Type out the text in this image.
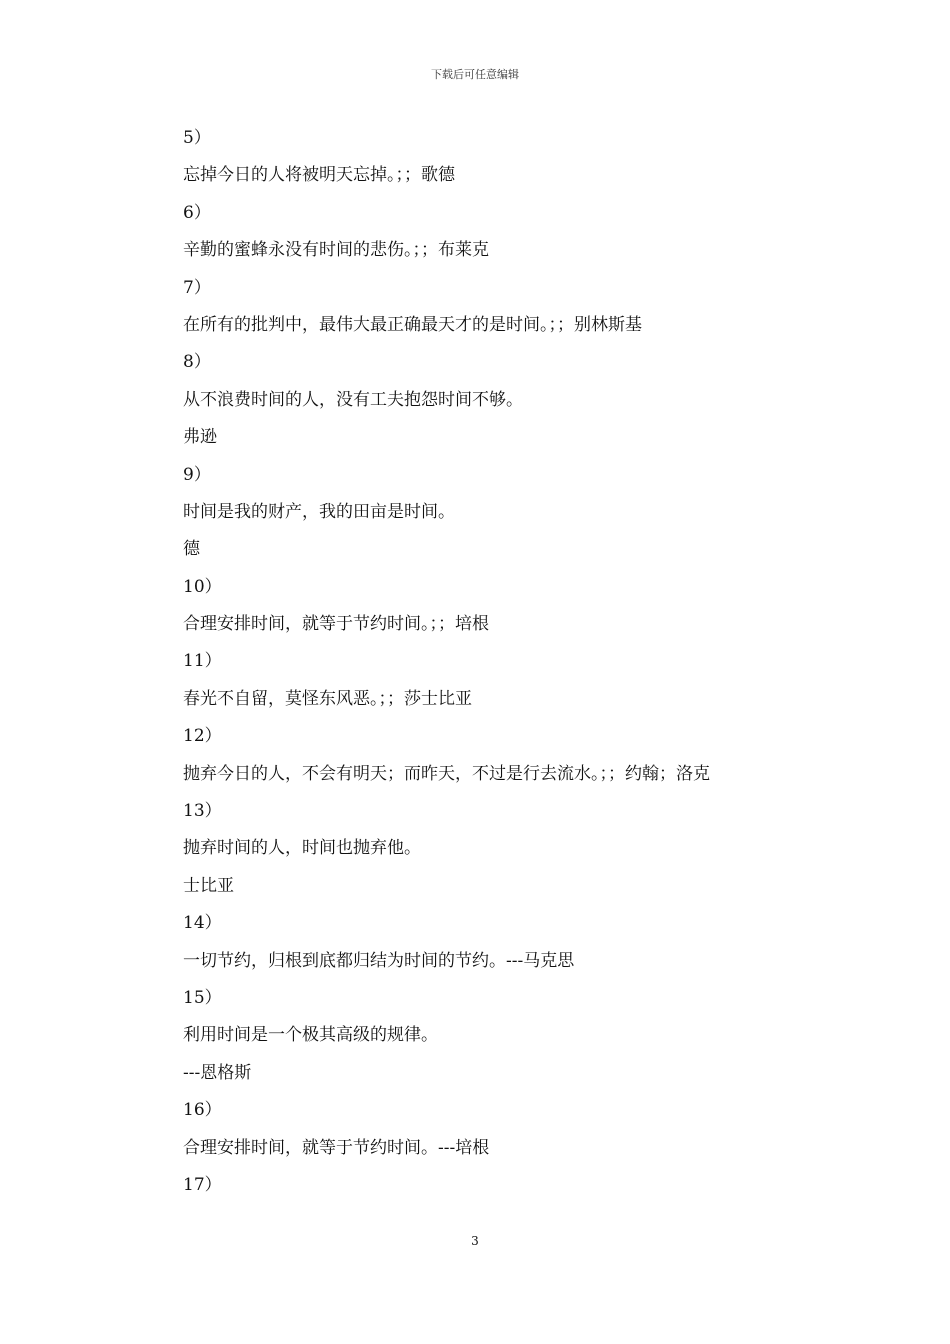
下载后可任意编辑
5）
忘掉今日的人将被明天忘掉。；；歌德
6）
辛勤的蜜蜂永没有时间的悲伤。；；布莱克
7）
在所有的批判中，最伟大最正确最天才的是时间。；；别林斯基
8）
从不浪费时间的人，没有工夫抱怨时间不够。
弗逊
9）
时间是我的财产，我的田亩是时间。
德
10）
合理安排时间，就等于节约时间。；；培根
11）
春光不自留，莫怪东风恶。；；莎士比亚
12）
抛弃今日的人，不会有明天；而昨天，不过是行去流水。；；约翰；洛克
13）
抛弃时间的人，时间也抛弃他。
士比亚
14）
一切节约，归根到底都归结为时间的节约。---马克思
15）
利用时间是一个极其高级的规律。
---恩格斯
16）
合理安排时间，就等于节约时间。---培根
17）
3
